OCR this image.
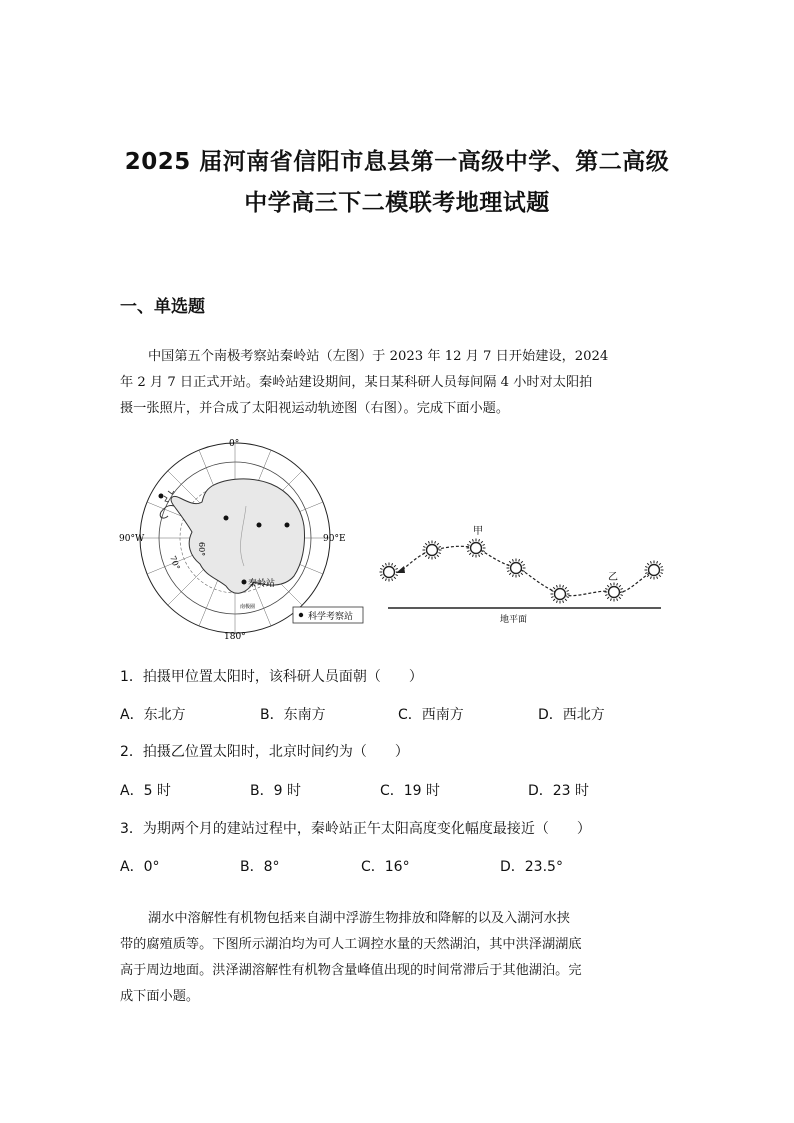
2025 届河南省信阳市息县第一高级中学、第二高级
中学高三下二模联考地理试题
一、单选题
中国第五个南极考察站秦岭站（左图）于 2023 年 12 月 7 日开始建设，2024
年 2 月 7 日正式开站。秦岭站建设期间，某日某科研人员每间隔 4 小时对太阳拍
摄一张照片，并合成了太阳视运动轨迹图（右图）。完成下面小题。
0°
180°
90°W	90°E
70°
60°
秦岭站
南极圈
科学考察站
甲
乙
地平面
1．拍摄甲位置太阳时，该科研人员面朝（　　）
A．东北方	B．东南方	C．西南方	D．西北方
2．拍摄乙位置太阳时，北京时间约为（　　）
A．5 时	B．9 时	C．19 时	D．23 时
3．为期两个月的建站过程中，秦岭站正午太阳高度变化幅度最接近（　　）
A．0°	B．8°	C．16°	D．23.5°
湖水中溶解性有机物包括来自湖中浮游生物排放和降解的以及入湖河水挟
带的腐殖质等。下图所示湖泊均为可人工调控水量的天然湖泊，其中洪泽湖湖底
高于周边地面。洪泽湖溶解性有机物含量峰值出现的时间常滞后于其他湖泊。完
成下面小题。
